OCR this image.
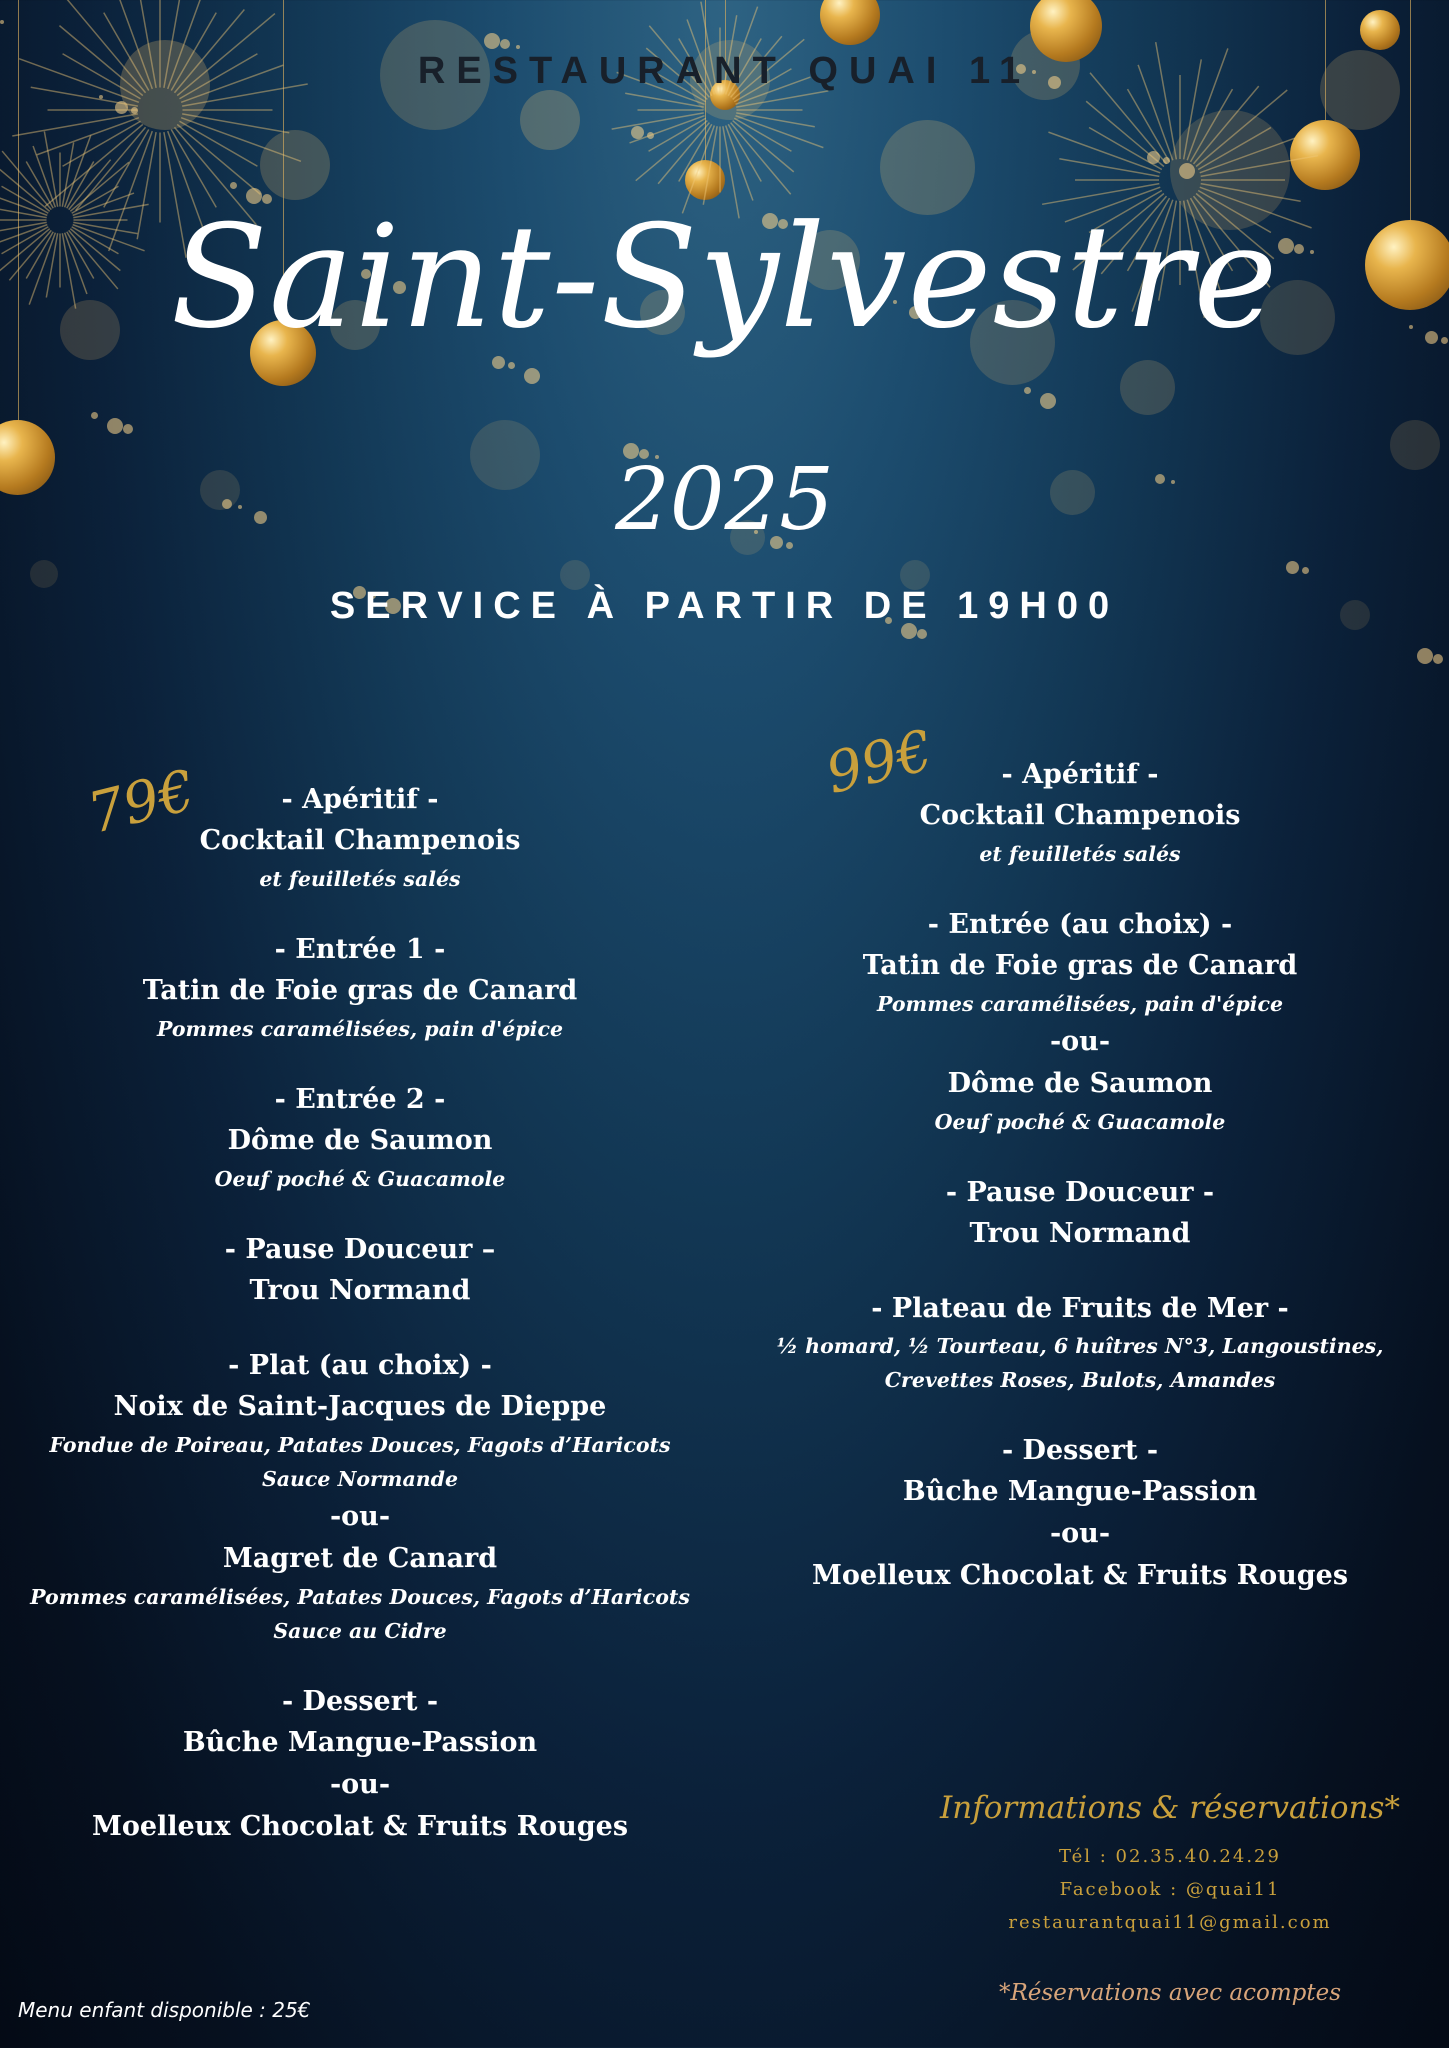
RESTAURANT QUAI 11
Saint-Sylvestre
2025
SERVICE À PARTIR DE 19H00
79€	99€
- Apéritif -
Cocktail Champenois
et feuilletés salés
- Entrée 1 -
Tatin de Foie gras de Canard
Pommes caramélisées, pain d'épice
- Entrée 2 -
Dôme de Saumon
Oeuf poché & Guacamole
- Pause Douceur –
Trou Normand
- Plat (au choix) -
Noix de Saint-Jacques de Dieppe
Fondue de Poireau, Patates Douces, Fagots d’Haricots
Sauce Normande
-ou-
Magret de Canard
Pommes caramélisées, Patates Douces, Fagots d’Haricots
Sauce au Cidre
- Dessert -
Bûche Mangue-Passion
-ou-
Moelleux Chocolat & Fruits Rouges
- Apéritif -
Cocktail Champenois
et feuilletés salés
- Entrée (au choix) -
Tatin de Foie gras de Canard
Pommes caramélisées, pain d'épice
-ou-
Dôme de Saumon
Oeuf poché & Guacamole
- Pause Douceur -
Trou Normand
- Plateau de Fruits de Mer -
½ homard, ½ Tourteau, 6 huîtres N°3, Langoustines,
Crevettes Roses, Bulots, Amandes
- Dessert -
Bûche Mangue-Passion
-ou-
Moelleux Chocolat & Fruits Rouges
Informations & réservations*
Tél : 02.35.40.24.29
Facebook : @quai11
restaurantquai11@gmail.com
*Réservations avec acomptes
Menu enfant disponible : 25€
